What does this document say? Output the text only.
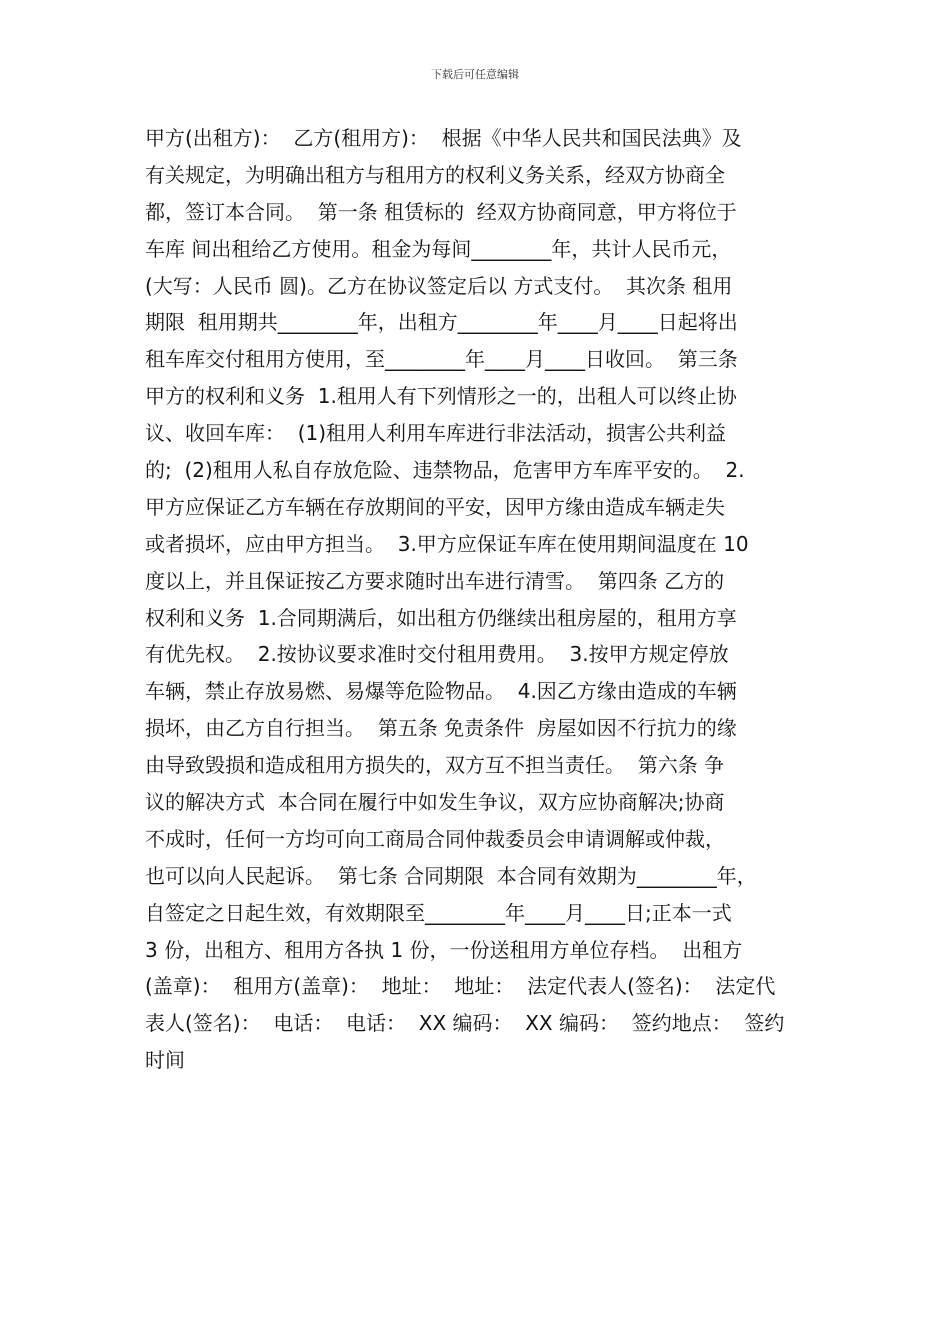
下载后可任意编辑
甲方(出租方)：  乙方(租用方)：  根据《中华人民共和国民法典》及
有关规定，为明确出租方与租用方的权利义务关系，经双方协商全
都，签订本合同。  第一条 租赁标的  经双方协商同意，甲方将位于
车库 间出租给乙方使用。租金为每间________年，共计人民币元，
(大写：人民币 圆)。乙方在协议签定后以 方式支付。  其次条 租用
期限  租用期共________年，出租方________年____月____日起将出
租车库交付租用方使用，至________年____月____日收回。  第三条
甲方的权利和义务  1.租用人有下列情形之一的，出租人可以终止协
议、收回车库：  (1)租用人利用车库进行非法活动，损害公共利益
的;  (2)租用人私自存放危险、违禁物品，危害甲方车库平安的。  2.
甲方应保证乙方车辆在存放期间的平安，因甲方缘由造成车辆走失
或者损坏，应由甲方担当。  3.甲方应保证车库在使用期间温度在 10
度以上，并且保证按乙方要求随时出车进行清雪。  第四条 乙方的
权利和义务  1.合同期满后，如出租方仍继续出租房屋的，租用方享
有优先权。  2.按协议要求准时交付租用费用。  3.按甲方规定停放
车辆，禁止存放易燃、易爆等危险物品。  4.因乙方缘由造成的车辆
损坏，由乙方自行担当。  第五条 免责条件  房屋如因不行抗力的缘
由导致毁损和造成租用方损失的，双方互不担当责任。  第六条 争
议的解决方式  本合同在履行中如发生争议，双方应协商解决;协商
不成时，任何一方均可向工商局合同仲裁委员会申请调解或仲裁，
也可以向人民起诉。  第七条 合同期限  本合同有效期为________年，
自签定之日起生效，有效期限至________年____月____日;正本一式
3 份，出租方、租用方各执 1 份，一份送租用方单位存档。  出租方
(盖章)：  租用方(盖章)：  地址：  地址：  法定代表人(签名)：  法定代
表人(签名)：  电话：  电话：  XX 编码：  XX 编码：  签约地点：  签约
时间
